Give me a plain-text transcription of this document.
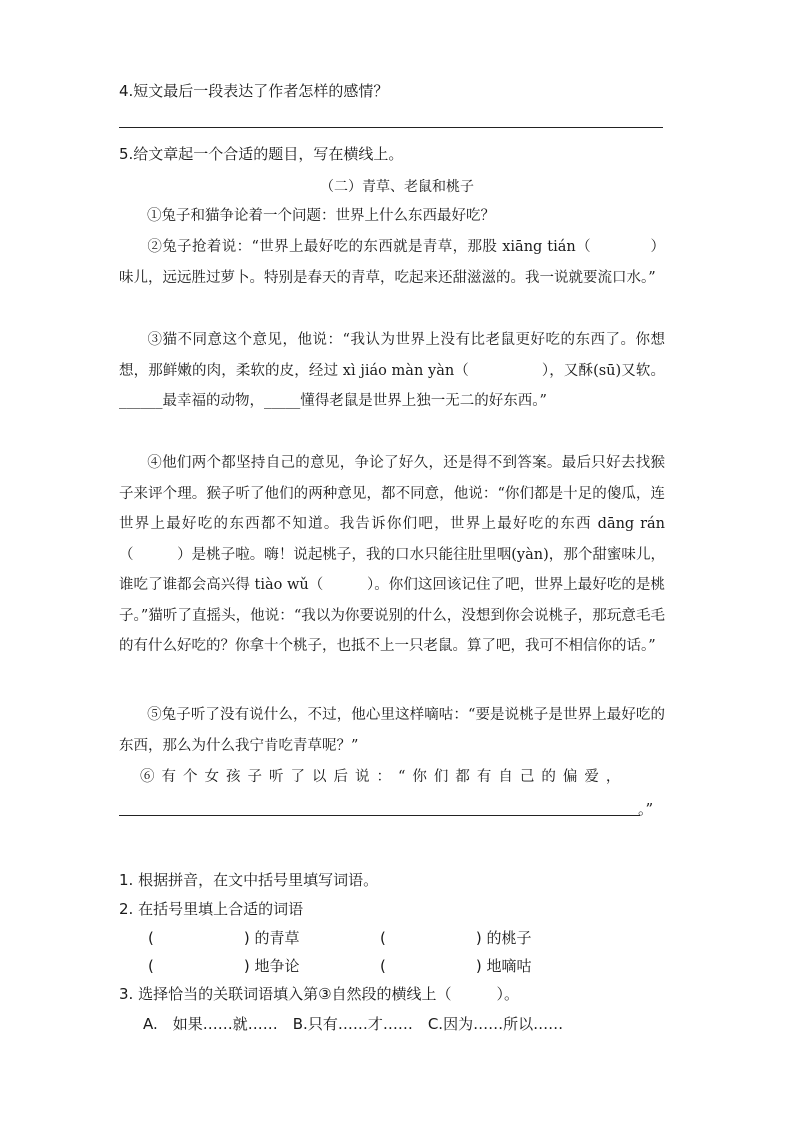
4.短文最后一段表达了作者怎样的感情？
5.给文章起一个合适的题目，写在横线上。
（二）青草、老鼠和桃子
①兔子和猫争论着一个问题：世界上什么东西最好吃？
②兔子抢着说：“世界上最好吃的东西就是青草，那股 xiāng tián（　　　　）味儿，远远胜过萝卜。特别是春天的青草，吃起来还甜滋滋的。我一说就要流口水。”
③猫不同意这个意见，他说：“我认为世界上没有比老鼠更好吃的东西了。你想想，那鲜嫩的肉，柔软的皮，经过 xì jiáo màn yàn（　　　　　），又酥(sū)又软。______最幸福的动物，_____懂得老鼠是世界上独一无二的好东西。”
④他们两个都坚持自己的意见，争论了好久，还是得不到答案。最后只好去找猴子来评个理。猴子听了他们的两种意见，都不同意，他说：“你们都是十足的傻瓜，连世界上最好吃的东西都不知道。我告诉你们吧，世界上最好吃的东西 dāng rán（　　　）是桃子啦。嗨！说起桃子，我的口水只能往肚里咽(yàn)，那个甜蜜味儿，谁吃了谁都会高兴得 tiào wǔ（　　　）。你们这回该记住了吧，世界上最好吃的是桃子。”猫听了直摇头，他说：“我以为你要说别的什么，没想到你会说桃子，那玩意毛毛的有什么好吃的？你拿十个桃子，也抵不上一只老鼠。算了吧，我可不相信你的话。”
⑤兔子听了没有说什么，不过，他心里这样嘀咕：“要是说桃子是世界上最好吃的东西，那么为什么我宁肯吃青草呢？”
⑥有个女孩子听了以后说：“你们都有自己的偏爱，
。”
1. 根据拼音，在文中括号里填写词语。
2. 在括号里填上合适的词语
(　　　　　　) 的青草	(　　　　　　) 的桃子
(　　　　　　) 地争论	(　　　　　　) 地嘀咕
3. 选择恰当的关联词语填入第③自然段的横线上（　　　）。
A.　如果……就……　B.只有……才……　C.因为……所以……
